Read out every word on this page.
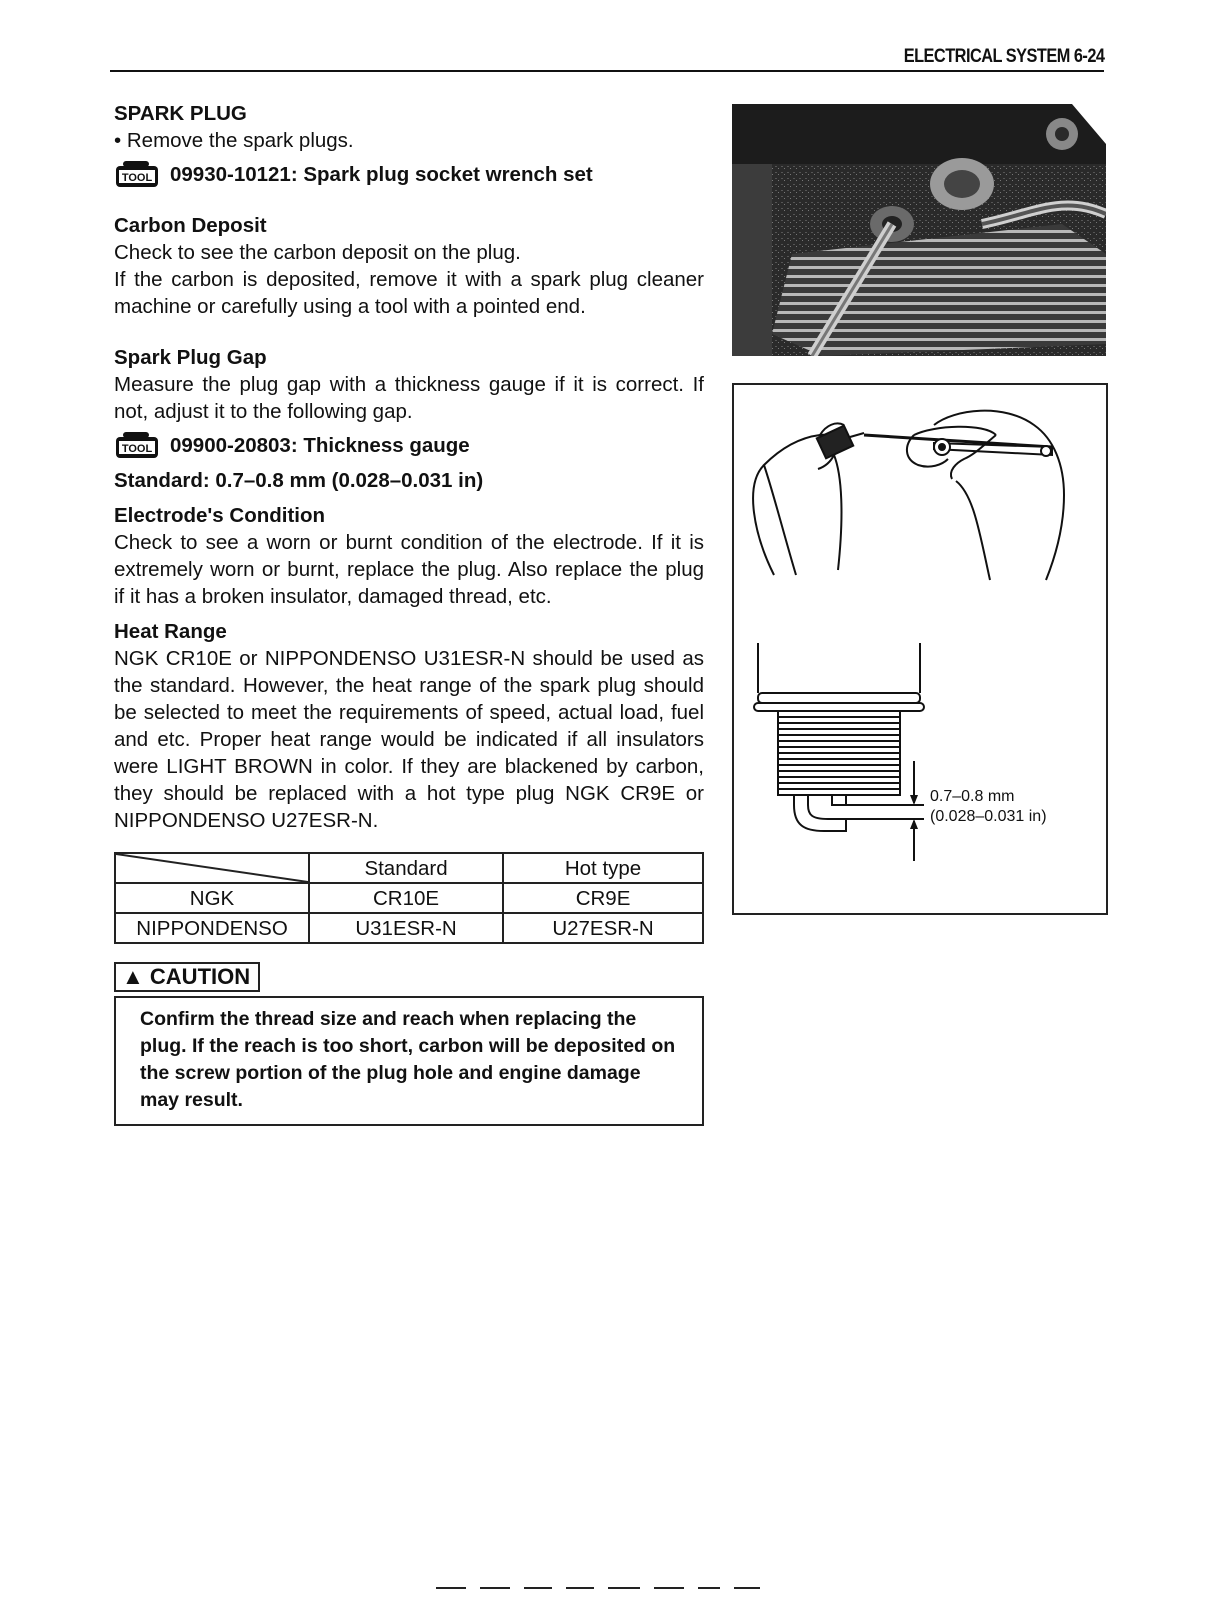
ELECTRICAL SYSTEM 6-24

SPARK PLUG

• Remove the spark plugs.

TOOL 09930-10121: Spark plug socket wrench set

Carbon Deposit

Check to see the carbon deposit on the plug.

If the carbon is deposited, remove it with a spark plug cleaner machine or carefully using a tool with a pointed end.

Spark Plug Gap

Measure the plug gap with a thickness gauge if it is correct. If not, adjust it to the following gap.

TOOL 09900-20803: Thickness gauge

Standard: 0.7–0.8 mm (0.028–0.031 in)

Electrode's Condition

Check to see a worn or burnt condition of the electrode. If it is extremely worn or burnt, replace the plug. Also replace the plug if it has a broken insulator, damaged thread, etc.

Heat Range

NGK CR10E or NIPPONDENSO U31ESR-N should be used as the standard. However, the heat range of the spark plug should be selected to meet the requirements of speed, actual load, fuel and etc. Proper heat range would be indicated if all insulators were LIGHT BROWN in color. If they are blackened by carbon, they should be replaced with a hot type plug NGK CR9E or NIPPONDENSO U27ESR-N.

	Standard	Hot type
NGK	CR10E	CR9E
NIPPONDENSO	U31ESR-N	U27ESR-N
▲ CAUTION

Confirm the thread size and reach when replacing the plug. If the reach is too short, carbon will be deposited on the screw portion of the plug hole and engine damage may result.

0.7–0.8 mm
(0.028–0.031 in)
